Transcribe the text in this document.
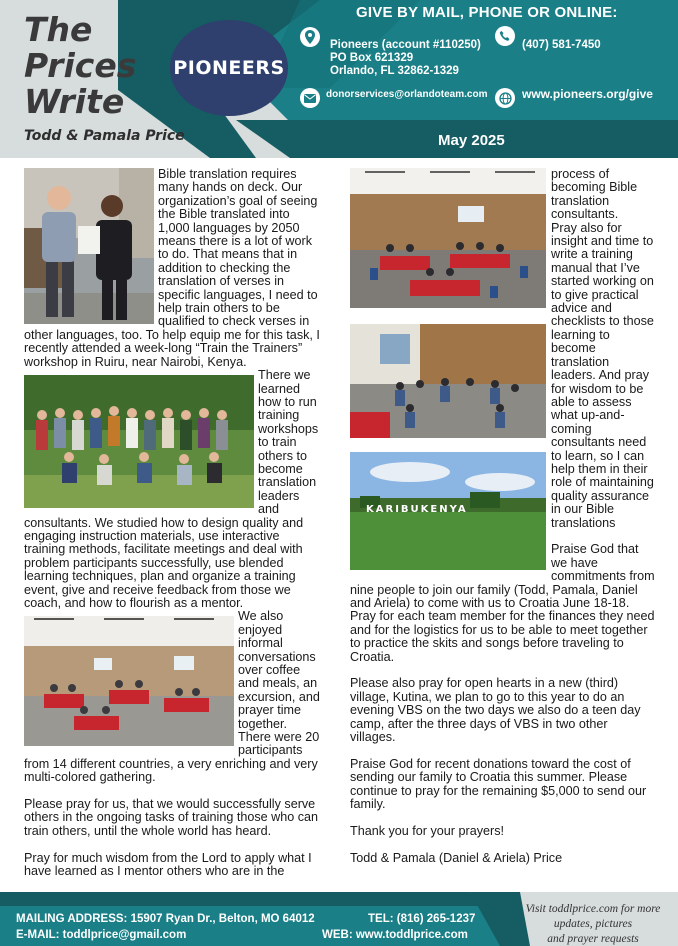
The
Prices
Write
Todd & Pamala Price
PIONEERS
GIVE BY MAIL, PHONE OR ONLINE:
Pioneers (account #110250)
PO Box 621329
Orlando, FL 32862-1329
(407) 581-7450
donorservices@orlandoteam.com	www.pioneers.org/give
May 2025

Bible translation requires many hands on deck. Our organization’s goal of seeing the Bible translated into 1,000 languages by 2050 means there is a lot of work to do. That means that in addition to checking the translation of verses in specific languages, I need to help train others to be qualified to check verses in other languages, too. To help equip me for this task, I recently attended a week-long “Train the Trainers” workshop in Ruiru, near Nairobi, Kenya.

There we learned how to run training workshops to train others to become translation leaders and consultants. We studied how to design quality and engaging instruction materials, use interactive training methods, facilitate meetings and deal with problem participants successfully, use blended learning techniques, plan and organize a training event, give and receive feedback from those we coach, and how to flourish as a mentor.

We also enjoyed informal conversations over coffee and meals, an excursion, and prayer time together. There were 20 participants from 14 different countries, a very enriching and very multi-colored gathering.

Please pray for us, that we would successfully serve others in the ongoing tasks of training those who can train others, until the whole world has heard.

Pray for much wisdom from the Lord to apply what I have learned as I mentor others who are in the

process of becoming Bible translation consultants.

KARIBUKENYA

Pray also for insight and time to write a training manual that I’ve started working on to give practical advice and checklists to those learning to become translation leaders. And pray for wisdom to be able to assess what up-and-coming consultants need to learn, so I can help them in their role of maintaining quality assurance in our Bible translations

Praise God that we have commitments from nine people to join our family (Todd, Pamala, Daniel and Ariela) to come with us to Croatia June 18-18. Pray for each team member for the finances they need and for the logistics for us to be able to meet together to practice the skits and songs before traveling to Croatia.

Please also pray for open hearts in a new (third) village, Kutina, we plan to go to this year to do an evening VBS on the two days we also do a teen day camp, after the three days of VBS in two other villages.

Praise God for recent donations toward the cost of sending our family to Croatia this summer. Please continue to pray for the remaining $5,000 to send our family.

Thank you for your prayers!

Todd & Pamala (Daniel & Ariela) Price

MAILING ADDRESS: 15907 Ryan Dr., Belton, MO 64012
E-MAIL: toddlprice@gmail.com
TEL: (816) 265-1237
WEB: www.toddlprice.com
Visit toddlprice.com for more
updates, pictures
and prayer requests
